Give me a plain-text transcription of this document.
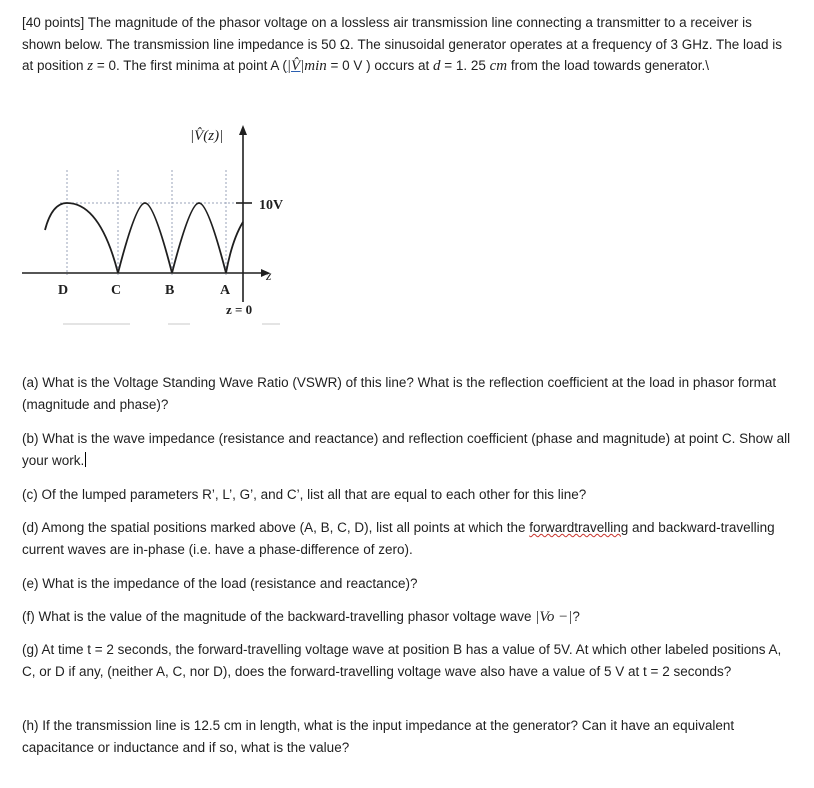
[40 points] The magnitude of the phasor voltage on a lossless air transmission line connecting a transmitter to a receiver is shown below. The transmission line impedance is 50 Ω. The sinusoidal generator operates at a frequency of 3 GHz. The load is at position z = 0. The first minima at point A (|V̂|min = 0 V ) occurs at d = 1. 25 cm from the load towards generator.\

|V̂(z)|
10V
z
D	C	B	A
z = 0

(a) What is the Voltage Standing Wave Ratio (VSWR) of this line? What is the reflection coefficient at the load in phasor format (magnitude and phase)?

(b) What is the wave impedance (resistance and reactance) and reflection coefficient (phase and magnitude) at point C. Show all your work.

(c) Of the lumped parameters R’, L’, G’, and C’, list all that are equal to each other for this line?

(d) Among the spatial positions marked above (A, B, C, D), list all points at which the forwardtravelling and backward-travelling current waves are in-phase (i.e. have a phase-difference of zero).

(e) What is the impedance of the load (resistance and reactance)?

(f) What is the value of the magnitude of the backward-travelling phasor voltage wave |Vo −|?

(g) At time t = 2 seconds, the forward-travelling voltage wave at position B has a value of 5V. At which other labeled positions A, C, or D if any, (neither A, C, nor D), does the forward-travelling voltage wave also have a value of 5 V at t = 2 seconds?

(h) If the transmission line is 12.5 cm in length, what is the input impedance at the generator? Can it have an equivalent capacitance or inductance and if so, what is the value?
